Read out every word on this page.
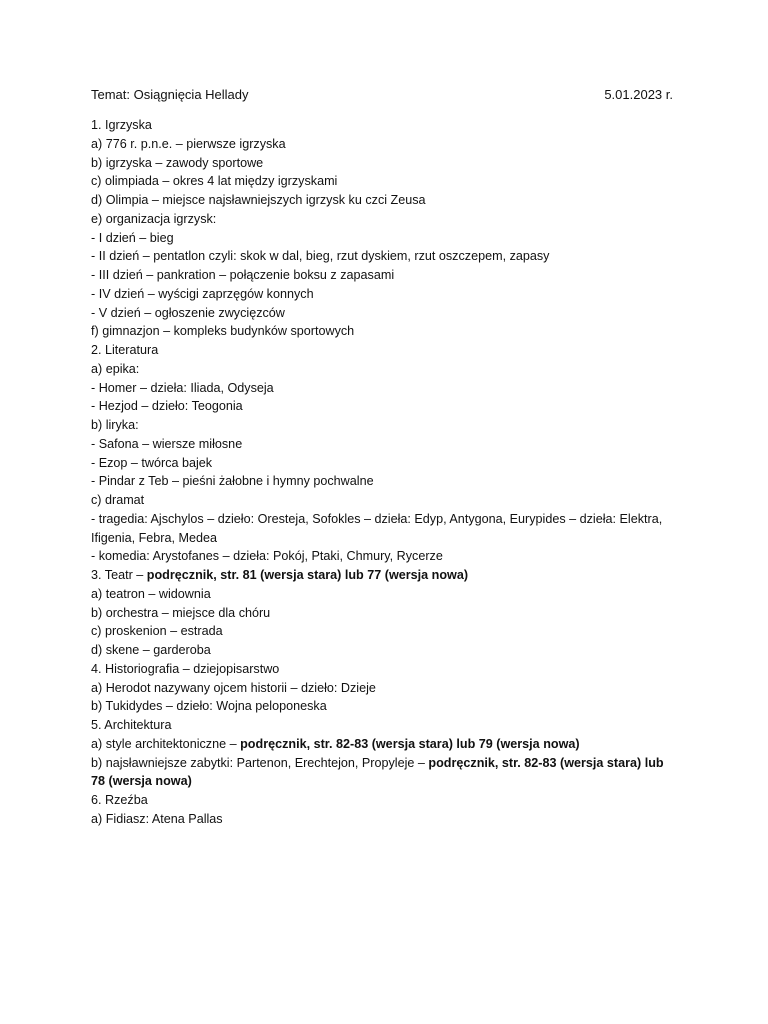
Temat: Osiągnięcia Hellady	5.01.2023 r.
1. Igrzyska
a) 776 r. p.n.e. – pierwsze igrzyska
b) igrzyska – zawody sportowe
c) olimpiada – okres 4 lat między igrzyskami
d) Olimpia – miejsce najsławniejszych igrzysk ku czci Zeusa
e) organizacja igrzysk:
- I dzień – bieg
- II dzień – pentatlon czyli: skok w dal, bieg, rzut dyskiem, rzut oszczepem, zapasy
- III dzień – pankration – połączenie boksu z zapasami
- IV dzień – wyścigi zaprzęgów konnych
- V dzień – ogłoszenie zwycięzców
f) gimnazjon – kompleks budynków sportowych
2. Literatura
a) epika:
- Homer – dzieła: Iliada, Odyseja
- Hezjod – dzieło: Teogonia
b) liryka:
- Safona – wiersze miłosne
- Ezop – twórca bajek
- Pindar z Teb – pieśni żałobne i hymny pochwalne
c) dramat
- tragedia: Ajschylos – dzieło: Oresteja, Sofokles – dzieła: Edyp, Antygona, Eurypides – dzieła: Elektra,
Ifigenia, Febra, Medea
- komedia: Arystofanes – dzieła: Pokój, Ptaki, Chmury, Rycerze
3. Teatr – podręcznik, str. 81 (wersja stara) lub 77 (wersja nowa)
a) teatron – widownia
b) orchestra – miejsce dla chóru
c) proskenion – estrada
d) skene – garderoba
4. Historiografia – dziejopisarstwo
a) Herodot nazywany ojcem historii – dzieło: Dzieje
b) Tukidydes – dzieło: Wojna peloponeska
5. Architektura
a) style architektoniczne – podręcznik, str. 82-83 (wersja stara) lub 79 (wersja nowa)
b) najsławniejsze zabytki: Partenon, Erechtejon, Propyleje – podręcznik, str. 82-83 (wersja stara) lub
78 (wersja nowa)
6. Rzeźba
a) Fidiasz: Atena Pallas
